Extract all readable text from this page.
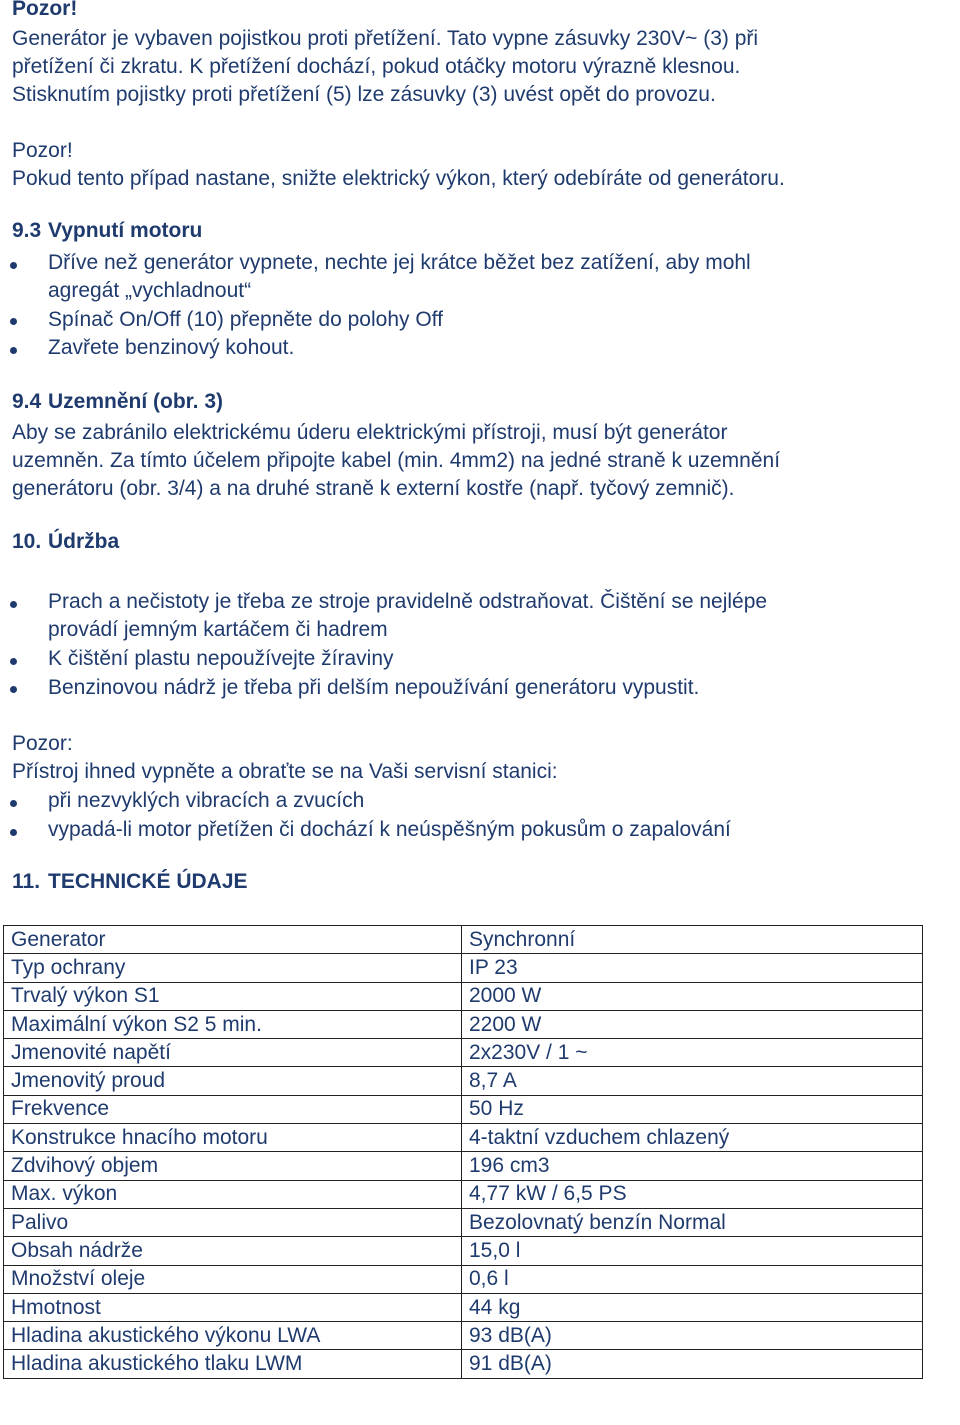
Pozor!
Generátor je vybaven pojistkou proti přetížení. Tato vypne zásuvky 230V~ (3) při
přetížení či zkratu. K přetížení dochází, pokud otáčky motoru výrazně klesnou.
Stisknutím pojistky proti přetížení (5) lze zásuvky (3) uvést opět do provozu.
Pozor!
Pokud tento případ nastane, snižte elektrický výkon, který odebíráte od generátoru.
9.3 Vypnutí motoru
Dříve než generátor vypnete, nechte jej krátce běžet bez zatížení, aby mohl
agregát „vychladnout“
Spínač On/Off (10) přepněte do polohy Off
Zavřete benzinový kohout.
9.4 Uzemnění (obr. 3)
Aby se zabránilo elektrickému úderu elektrickými přístroji, musí být generátor
uzemněn. Za tímto účelem připojte kabel (min. 4mm2) na jedné straně k uzemnění
generátoru (obr. 3/4) a na druhé straně k externí kostře (např. tyčový zemnič).
10. Údržba
Prach a nečistoty je třeba ze stroje pravidelně odstraňovat. Čištění se nejlépe
provádí jemným kartáčem či hadrem
K čištění plastu nepoužívejte žíraviny
Benzinovou nádrž je třeba při delším nepoužívání generátoru vypustit.
Pozor:
Přístroj ihned vypněte a obraťte se na Vaši servisní stanici:
při nezvyklých vibracích a zvucích
vypadá-li motor přetížen či dochází k neúspěšným pokusům o zapalování
11. TECHNICKÉ ÚDAJE
Generator	Synchronní
Typ ochrany	IP 23
Trvalý výkon S1	2000 W
Maximální výkon S2 5 min.	2200 W
Jmenovité napětí	2x230V / 1 ~
Jmenovitý proud	8,7 A
Frekvence	50 Hz
Konstrukce hnacího motoru	4-taktní vzduchem chlazený
Zdvihový objem	196 cm3
Max. výkon	4,77 kW / 6,5 PS
Palivo	Bezolovnatý benzín Normal
Obsah nádrže	15,0 l
Množství oleje	0,6 l
Hmotnost	44 kg
Hladina akustického výkonu LWA	93 dB(A)
Hladina akustického tlaku LWM	91 dB(A)
